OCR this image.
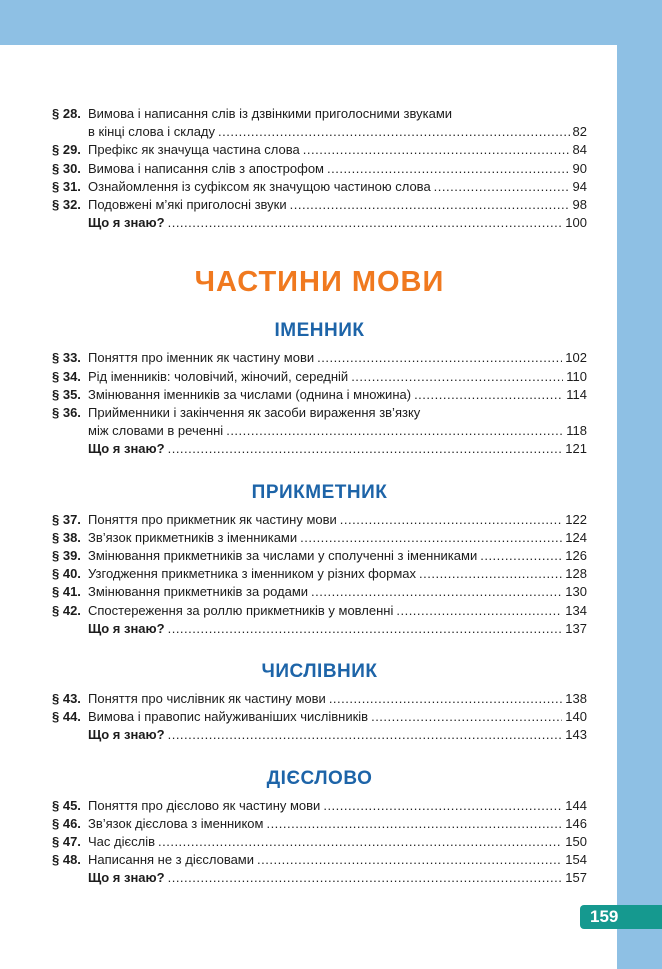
§ 28. Вимова і написання слів із дзвінкими приголосними звуками
в кінці слова і складу .....	82
§ 29. Префікс як значуща частина слова .....	84
§ 30. Вимова і написання слів з апострофом .....	90
§ 31. Ознайомлення із суфіксом як значущою частиною слова .....	94
§ 32. Подовжені м’які приголосні звуки .....	98
Що я знаю? .....	100
ЧАСТИНИ МОВИ
ІМЕННИК
§ 33. Поняття про іменник як частину мови .....	102
§ 34. Рід іменників: чоловічий, жіночий, середній .....	110
§ 35. Змінювання іменників за числами (однина і множина) .....	114
§ 36. Прийменники і закінчення як засоби вираження зв’язку
між словами в реченні .....	118
Що я знаю? .....	121
ПРИКМЕТНИК
§ 37. Поняття про прикметник як частину мови .....	122
§ 38. Зв’язок прикметників з іменниками .....	124
§ 39. Змінювання прикметників за числами у сполученні з іменниками .....	126
§ 40. Узгодження прикметника з іменником у різних формах .....	128
§ 41. Змінювання прикметників за родами .....	130
§ 42. Спостереження за роллю прикметників у мовленні .....	134
Що я знаю? .....	137
ЧИСЛІВНИК
§ 43. Поняття про числівник як частину мови .....	138
§ 44. Вимова і правопис найуживаніших числівників .....	140
Що я знаю? .....	143
ДІЄСЛОВО
§ 45. Поняття про дієслово як частину мови .....	144
§ 46. Зв’язок дієслова з іменником .....	146
§ 47. Час дієслів .....	150
§ 48. Написання не з дієсловами .....	154
Що я знаю? .....	157
159
